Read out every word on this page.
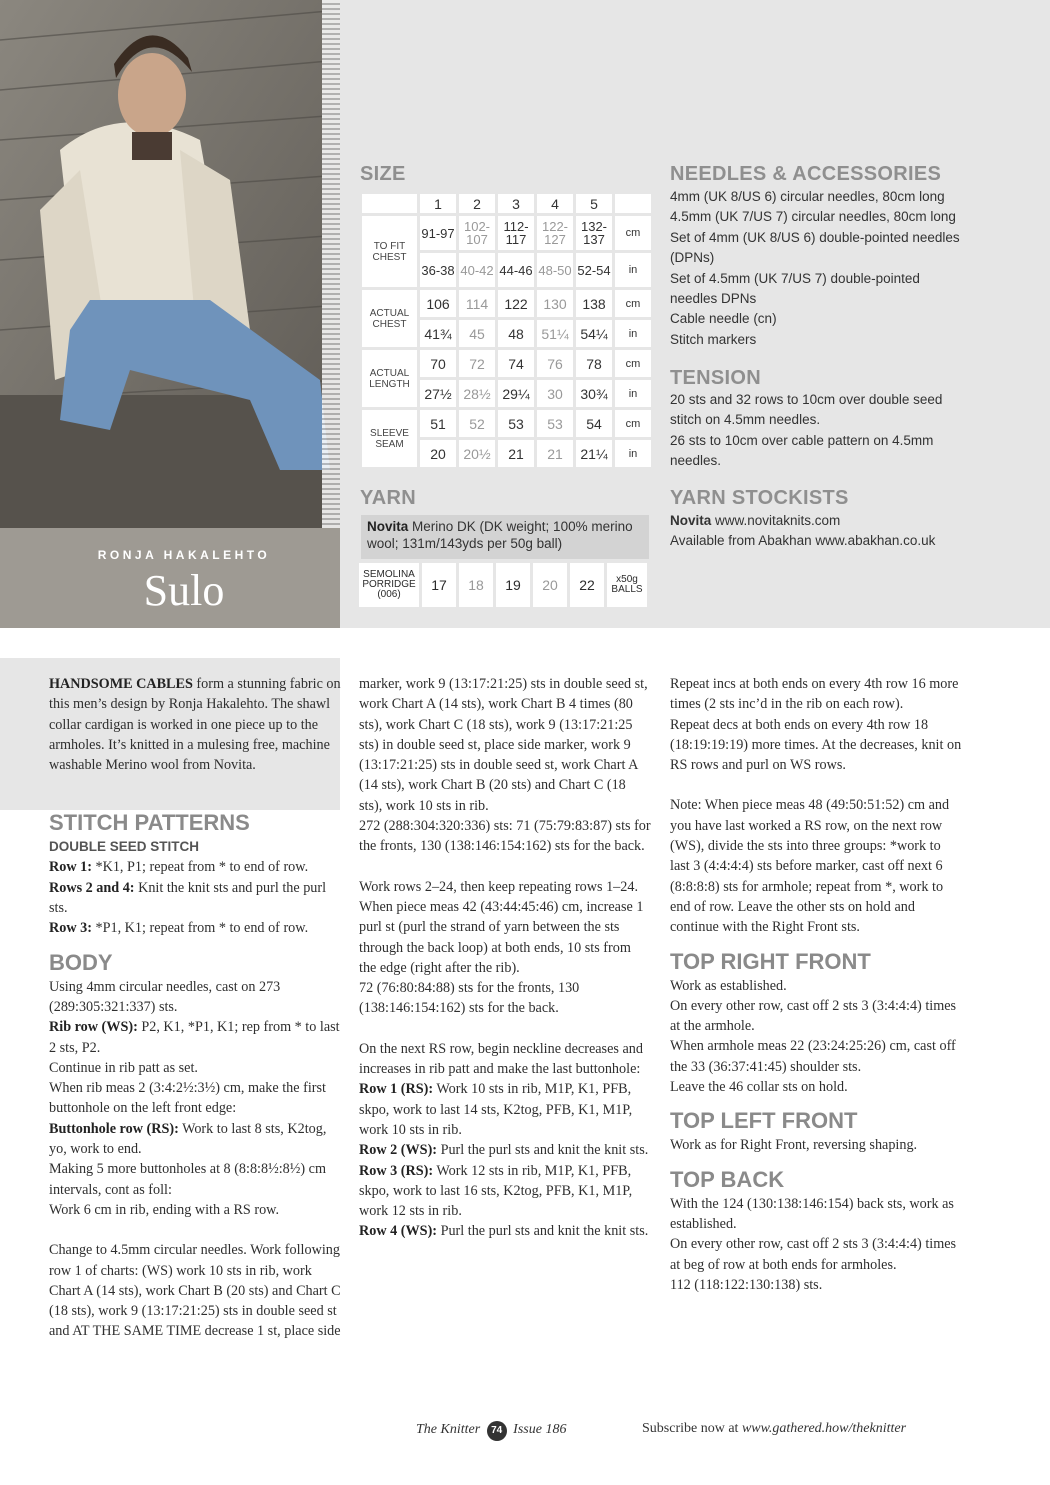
RONJA HAKALEHTO
Sulo
SIZE
	1	2	3	4	5	
TO FIT CHEST	91-97	102-107	112-117	122-127	132-137	cm
	36-38	40-42	44-46	48-50	52-54	in
ACTUAL CHEST	106	114	122	130	138	cm
	41¾	45	48	51¼	54¼	in
ACTUAL LENGTH	70	72	74	76	78	cm
	27½	28½	29¼	30	30¾	in
SLEEVE SEAM	51	52	53	53	54	cm
	20	20½	21	21	21¼	in
YARN
Novita Merino DK (DK weight; 100% merino wool; 131m/143yds per 50g ball)
SEMOLINA PORRIDGE (006)
17	18	19	20	22	x50g BALLS
NEEDLES & ACCESSORIES

4mm (UK 8/US 6) circular needles, 80cm long

4.5mm (UK 7/US 7) circular needles, 80cm long

Set of 4mm (UK 8/US 6) double-pointed needles (DPNs)

Set of 4.5mm (UK 7/US 7) double-pointed needles DPNs

Cable needle (cn)

Stitch markers

TENSION

20 sts and 32 rows to 10cm over double seed stitch on 4.5mm needles.

26 sts to 10cm over cable pattern on 4.5mm needles.

YARN STOCKISTS

Novita www.novitaknits.com

Available from Abakhan www.abakhan.co.uk

HANDSOME CABLES form a stunning fabric on this men’s design by Ronja Hakalehto. The shawl collar cardigan is worked in one piece up to the armholes. It’s knitted in a mulesing free, machine washable Merino wool from Novita.

STITCH PATTERNS

DOUBLE SEED STITCH

Row 1: *K1, P1; repeat from * to end of row.

Rows 2 and 4: Knit the knit sts and purl the purl sts.

Row 3: *P1, K1; repeat from * to end of row.

BODY

Using 4mm circular needles, cast on 273 (289:305:321:337) sts.

Rib row (WS): P2, K1, *P1, K1; rep from * to last 2 sts, P2.

Continue in rib patt as set.

When rib meas 2 (3:4:2½:3½) cm, make the first buttonhole on the left front edge:

Buttonhole row (RS): Work to last 8 sts, K2tog, yo, work to end.

Making 5 more buttonholes at 8 (8:8:8½:8½) cm intervals, cont as foll:

Work 6 cm in rib, ending with a RS row.

Change to 4.5mm circular needles. Work following row 1 of charts: (WS) work 10 sts in rib, work Chart A (14 sts), work Chart B (20 sts) and Chart C (18 sts), work 9 (13:17:21:25) sts in double seed st and AT THE SAME TIME decrease 1 st, place side

marker, work 9 (13:17:21:25) sts in double seed st, work Chart A (14 sts), work Chart B 4 times (80 sts), work Chart C (18 sts), work 9 (13:17:21:25 sts) in double seed st, place side marker, work 9 (13:17:21:25) sts in double seed st, work Chart A (14 sts), work Chart B (20 sts) and Chart C (18 sts), work 10 sts in rib.

272 (288:304:320:336) sts: 71 (75:79:83:87) sts for the fronts, 130 (138:146:154:162) sts for the back.

Work rows 2–24, then keep repeating rows 1–24.

When piece meas 42 (43:44:45:46) cm, increase 1 purl st (purl the strand of yarn between the sts through the back loop) at both ends, 10 sts from the edge (right after the rib).

72 (76:80:84:88) sts for the fronts, 130 (138:146:154:162) sts for the back.

On the next RS row, begin neckline decreases and increases in rib patt and make the last buttonhole:

Row 1 (RS): Work 10 sts in rib, M1P, K1, PFB, skpo, work to last 14 sts, K2tog, PFB, K1, M1P, work 10 sts in rib.

Row 2 (WS): Purl the purl sts and knit the knit sts.

Row 3 (RS): Work 12 sts in rib, M1P, K1, PFB, skpo, work to last 16 sts, K2tog, PFB, K1, M1P, work 12 sts in rib.

Row 4 (WS): Purl the purl sts and knit the knit sts.

Repeat incs at both ends on every 4th row 16 more times (2 sts inc’d in the rib on each row).

Repeat decs at both ends on every 4th row 18 (18:19:19:19) more times. At the decreases, knit on RS rows and purl on WS rows.

Note: When piece meas 48 (49:50:51:52) cm and you have last worked a RS row, on the next row (WS), divide the sts into three groups: *work to last 3 (4:4:4:4) sts before marker, cast off next 6 (8:8:8:8) sts for armhole; repeat from *, work to end of row. Leave the other sts on hold and continue with the Right Front sts.

TOP RIGHT FRONT

Work as established.

On every other row, cast off 2 sts 3 (3:4:4:4) times at the armhole.

When armhole meas 22 (23:24:25:26) cm, cast off the 33 (36:37:41:45) shoulder sts.

Leave the 46 collar sts on hold.

TOP LEFT FRONT

Work as for Right Front, reversing shaping.

TOP BACK

With the 124 (130:138:146:154) back sts, work as established.

On every other row, cast off 2 sts 3 (3:4:4:4) times at beg of row at both ends for armholes.

112 (118:122:130:138) sts.

The Knitter 74 Issue 186	Subscribe now at www.gathered.how/theknitter
